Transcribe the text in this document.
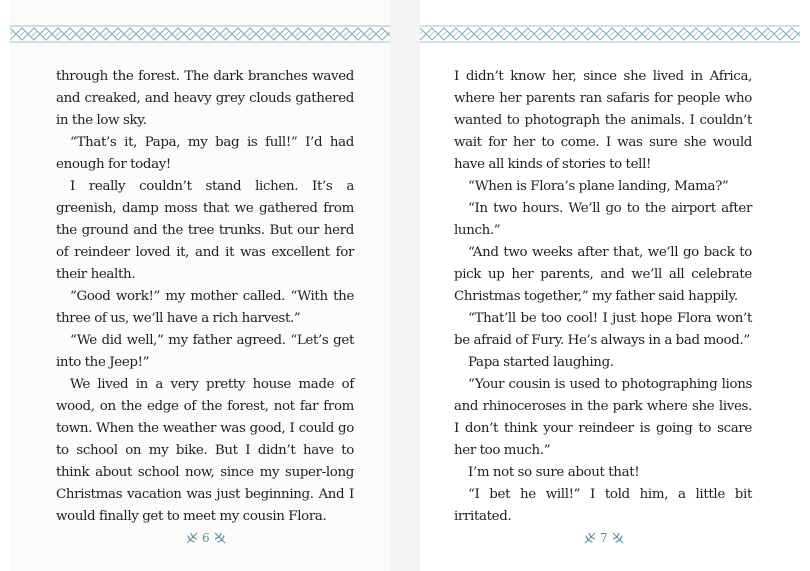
through the forest. The dark branches waved and creaked, and heavy grey clouds gathered in the low sky.

“That’s it, Papa, my bag is full!” I’d had enough for today!

I really couldn’t stand lichen. It’s a greenish, damp moss that we gathered from the ground and the tree trunks. But our herd of reindeer loved it, and it was excellent for their health.

“Good work!” my mother called. “With the three of us, we’ll have a rich harvest.”

“We did well,” my father agreed. “Let’s get into the Jeep!”

We lived in a very pretty house made of wood, on the edge of the forest, not far from town. When the weather was good, I could go to school on my bike. But I didn’t have to think about school now, since my super-long Christmas vacation was just beginning. And I would finally get to meet my cousin Flora.

6

I didn’t know her, since she lived in Africa, where her parents ran safaris for people who wanted to photograph the animals. I couldn’t wait for her to come. I was sure she would have all kinds of stories to tell!

“When is Flora’s plane landing, Mama?”

“In two hours. We’ll go to the airport after lunch.”

“And two weeks after that, we’ll go back to pick up her parents, and we’ll all celebrate Christmas together,” my father said happily.

“That’ll be too cool! I just hope Flora won’t be afraid of Fury. He’s always in a bad mood.”

Papa started laughing.

“Your cousin is used to photographing lions and rhinoceroses in the park where she lives. I don’t think your reindeer is going to scare her too much.”

I’m not so sure about that!

“I bet he will!” I told him, a little bit irritated.

7
